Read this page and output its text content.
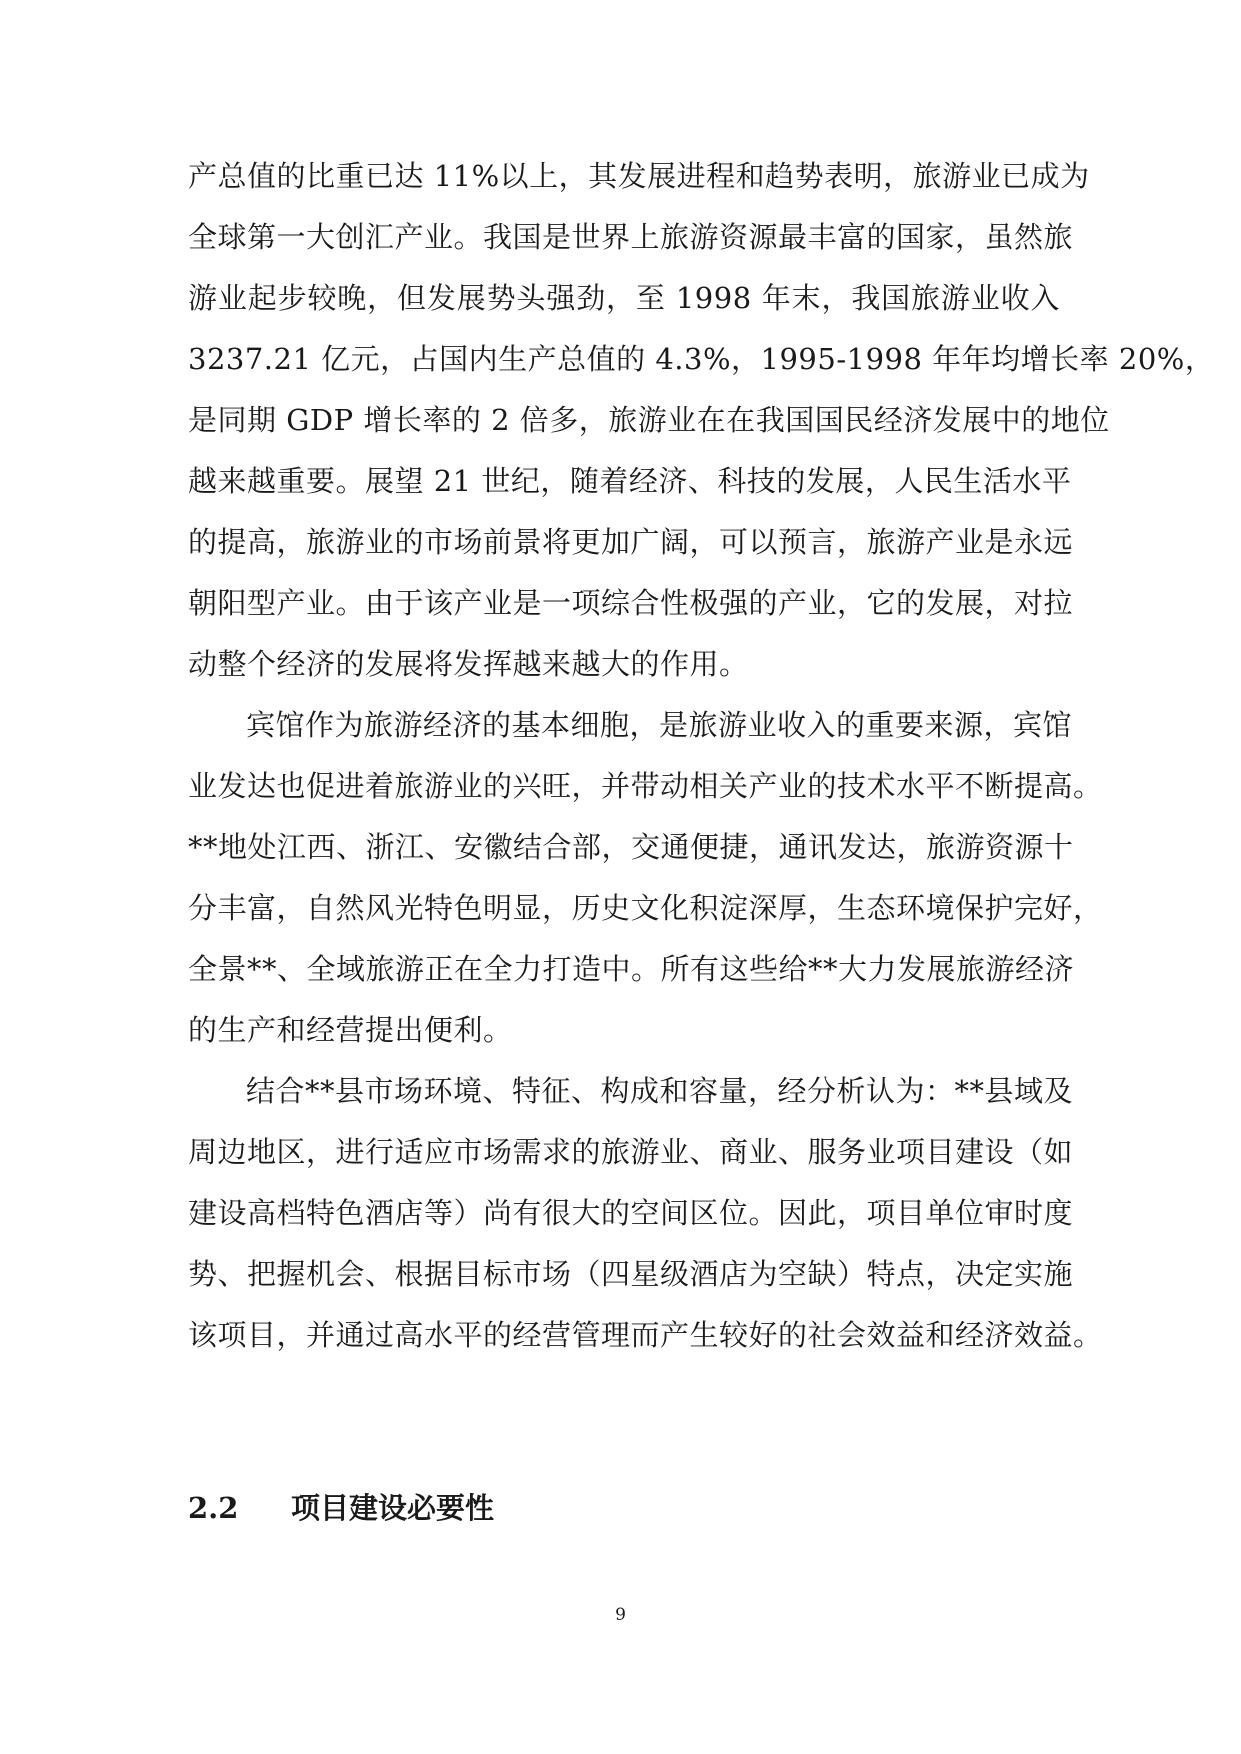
产总值的比重已达 11%以上，其发展进程和趋势表明，旅游业已成为
全球第一大创汇产业。我国是世界上旅游资源最丰富的国家，虽然旅
游业起步较晚，但发展势头强劲，至 1998 年末，我国旅游业收入
3237.21 亿元，占国内生产总值的 4.3%，1995-1998 年年均增长率 20%，
是同期 GDP 增长率的 2 倍多，旅游业在在我国国民经济发展中的地位
越来越重要。展望 21 世纪，随着经济、科技的发展，人民生活水平
的提高，旅游业的市场前景将更加广阔，可以预言，旅游产业是永远
朝阳型产业。由于该产业是一项综合性极强的产业，它的发展，对拉
动整个经济的发展将发挥越来越大的作用。
宾馆作为旅游经济的基本细胞，是旅游业收入的重要来源，宾馆
业发达也促进着旅游业的兴旺，并带动相关产业的技术水平不断提高。
**地处江西、浙江、安徽结合部，交通便捷，通讯发达，旅游资源十
分丰富，自然风光特色明显，历史文化积淀深厚，生态环境保护完好，
全景**、全域旅游正在全力打造中。所有这些给**大力发展旅游经济
的生产和经营提出便利。
结合**县市场环境、特征、构成和容量，经分析认为：**县域及
周边地区，进行适应市场需求的旅游业、商业、服务业项目建设（如
建设高档特色酒店等）尚有很大的空间区位。因此，项目单位审时度
势、把握机会、根据目标市场（四星级酒店为空缺）特点，决定实施
该项目，并通过高水平的经营管理而产生较好的社会效益和经济效益。
2.2 项目建设必要性
9
